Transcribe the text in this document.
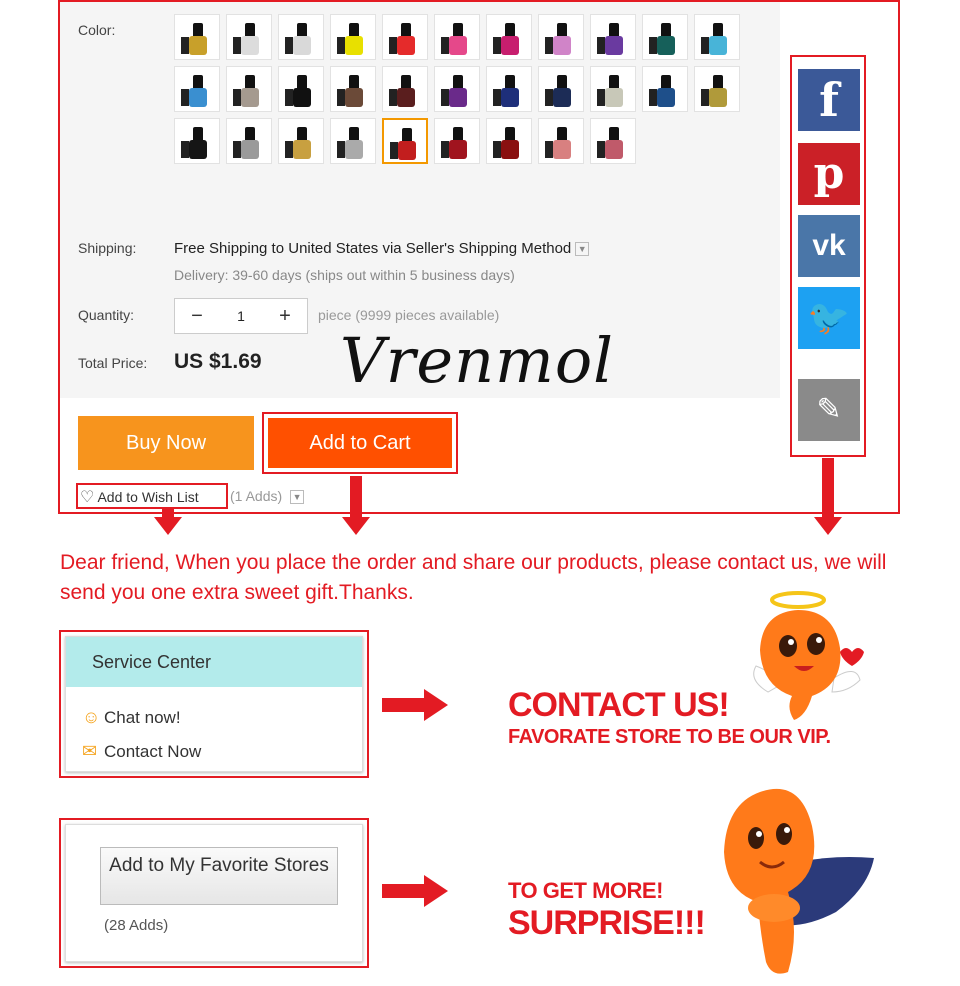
Color:
Shipping:	Free Shipping to United States via Seller's Shipping Method ▼
Delivery: 39-60 days (ships out within 5 business days)
Quantity:	−	1	+	piece (9999 pieces available)
Total Price: US $1.69 Vrenmol
Buy Now	Add to Cart
♡ Add to Wish List (1 Adds) ▼
f
p
vk
🐦
✎
Dear friend, When you place the order and share our products, please contact us, we will send you one extra sweet gift.Thanks.
Service Center
☺ Chat now!
✉ Contact Now
CONTACT US!
FAVORATE STORE TO BE OUR VIP.
Add to My Favorite Stores
(28 Adds)
TO GET MORE!
SURPRISE!!!
